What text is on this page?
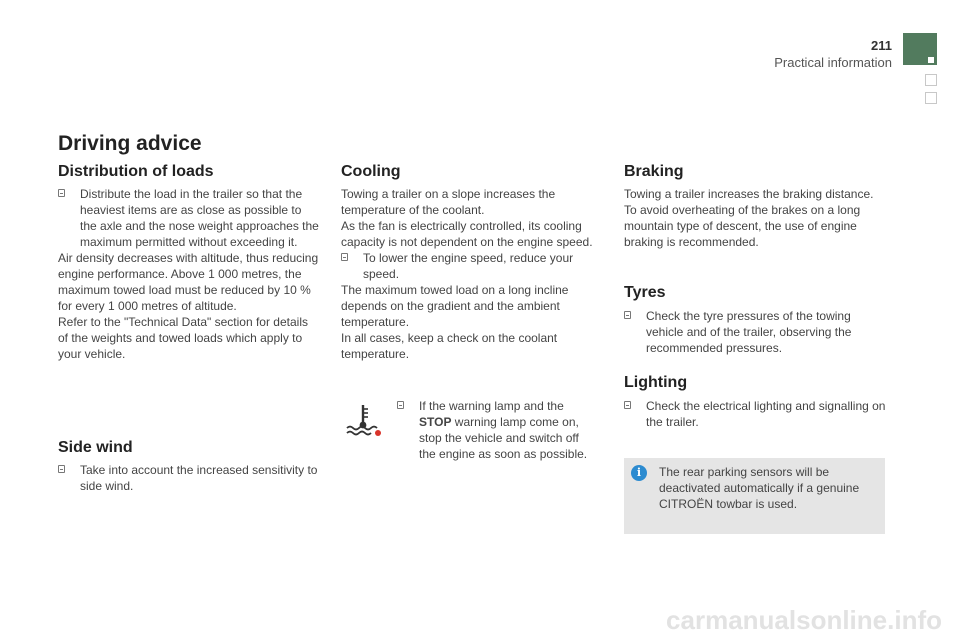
211
Practical information
Driving advice
Distribution of loads
Distribute the load in the trailer so that the heaviest items are as close as possible to the axle and the nose weight approaches the maximum permitted without exceeding it.

Air density decreases with altitude, thus reducing engine performance. Above 1 000 metres, the maximum towed load must be reduced by 10 % for every 1 000 metres of altitude.

Refer to the "Technical Data" section for details of the weights and towed loads which apply to your vehicle.

Side wind
Take into account the increased sensitivity to side wind.
Cooling

Towing a trailer on a slope increases the temperature of the coolant.

As the fan is electrically controlled, its cooling capacity is not dependent on the engine speed.

To lower the engine speed, reduce your speed.

The maximum towed load on a long incline depends on the gradient and the ambient temperature.

In all cases, keep a check on the coolant temperature.

If the warning lamp and the STOP warning lamp come on, stop the vehicle and switch off the engine as soon as possible.
Braking

Towing a trailer increases the braking distance.

To avoid overheating of the brakes on a long mountain type of descent, the use of engine braking is recommended.

Tyres
Check the tyre pressures of the towing vehicle and of the trailer, observing the recommended pressures.
Lighting
Check the electrical lighting and signalling on the trailer.
i	The rear parking sensors will be deactivated automatically if a genuine CITROËN towbar is used.
carmanualsonline.info
